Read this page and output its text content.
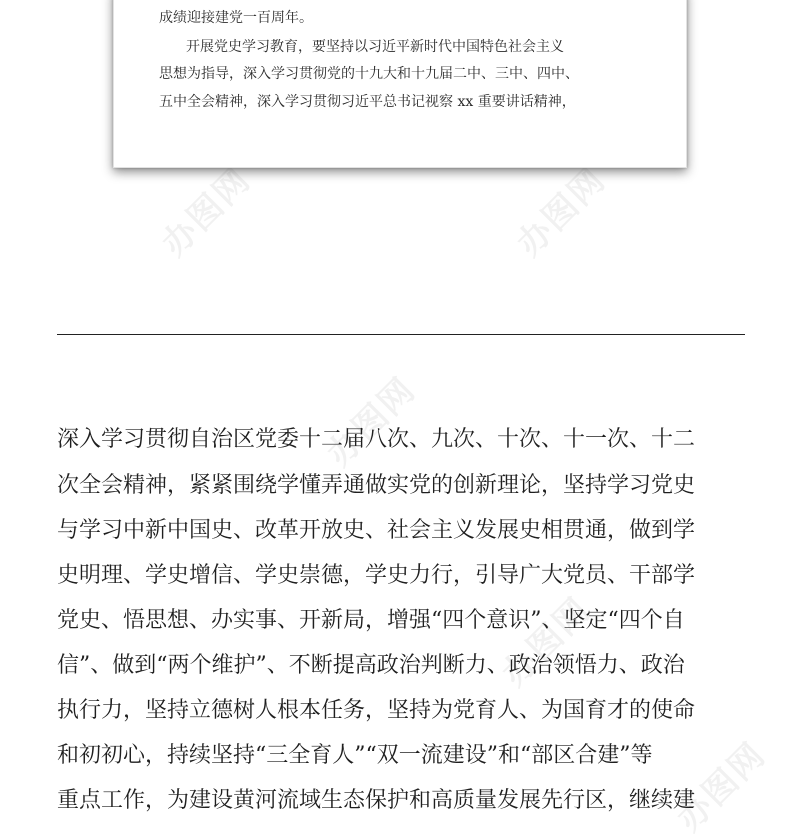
办图网	办图网
办图网
办图网
办图网
成绩迎接建党一百周年。
开展党史学习教育，要坚持以习近平新时代中国特色社会主义
思想为指导，深入学习贯彻党的十九大和十九届二中、三中、四中、
五中全会精神，深入学习贯彻习近平总书记视察 xx 重要讲话精神，
深入学习贯彻自治区党委十二届八次、九次、十次、十一次、十二
次全会精神，紧紧围绕学懂弄通做实党的创新理论，坚持学习党史
与学习中新中国史、改革开放史、社会主义发展史相贯通，做到学
史明理、学史增信、学史崇德，学史力行，引导广大党员、干部学
党史、悟思想、办实事、开新局，增强“四个意识”、坚定“四个自
信”、做到“两个维护”、不断提高政治判断力、政治领悟力、政治
执行力，坚持立德树人根本任务，坚持为党育人、为国育才的使命
和初初心，持续坚持“三全育人”“双一流建设”和“部区合建”等
重点工作，为建设黄河流域生态保护和高质量发展先行区，继续建
